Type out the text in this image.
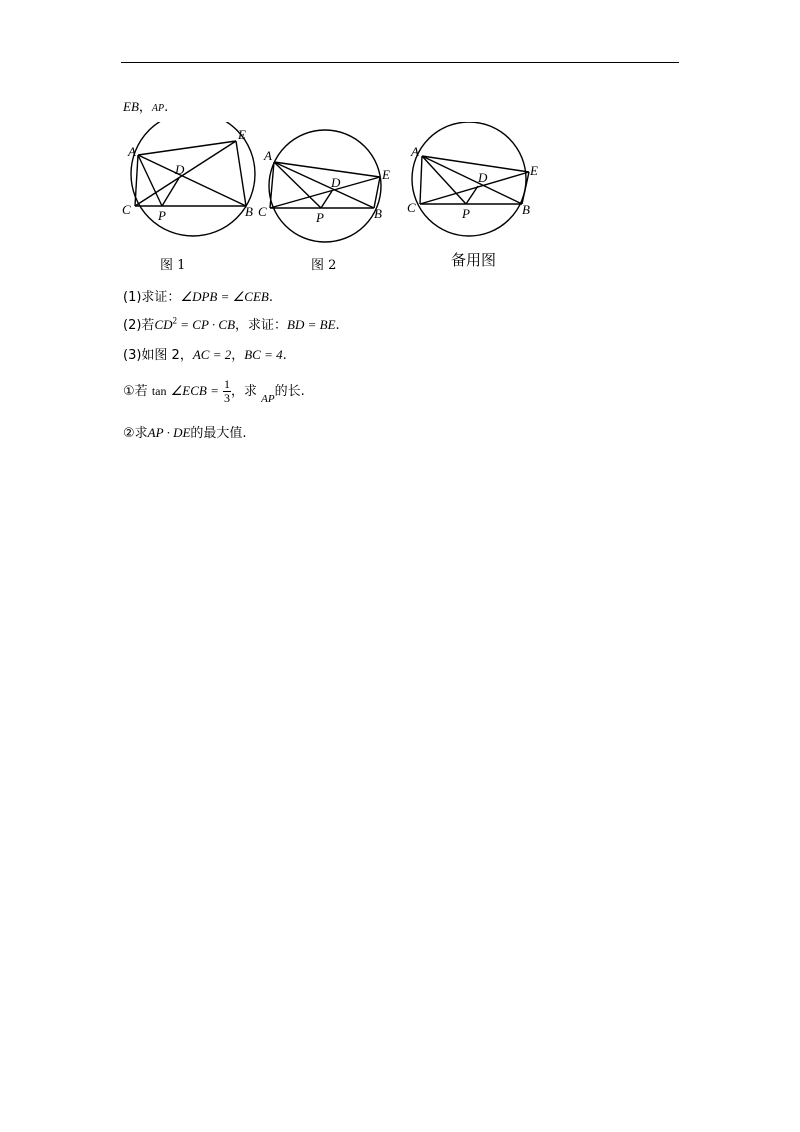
EB，AP.
A
E
D
C P	B
A
E
D
C	P	B
A
E
D
C	P	B
图 1	图 2	备用图
(1)求证：∠DPB = ∠CEB.
(2)若$CD^2$ = CP · CB，求证：BD = BE.
(3)如图 2，AC = 2，BC = 4.
①若 tan ∠ECB = $\frac{1}{3}$ ，求 $_{AP}$的长.
②求AP · DE的最大值.
